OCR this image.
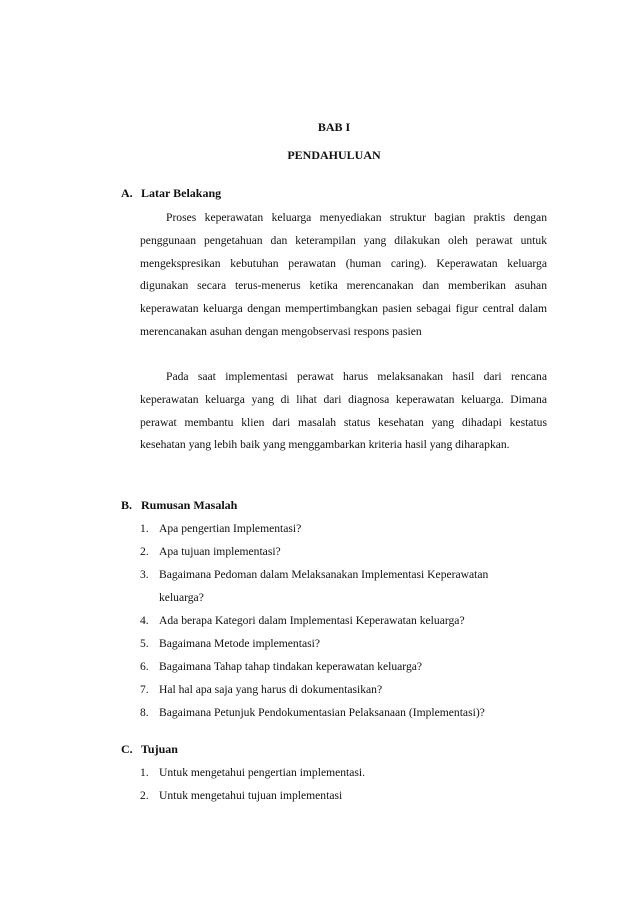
BAB I
PENDAHULUAN
A. Latar Belakang
Proses keperawatan keluarga menyediakan struktur bagian praktis dengan penggunaan pengetahuan dan keterampilan yang dilakukan oleh perawat untuk mengekspresikan kebutuhan perawatan (human caring). Keperawatan keluarga digunakan secara terus-menerus ketika merencanakan dan memberikan asuhan keperawatan keluarga dengan mempertimbangkan pasien sebagai figur central dalam merencanakan asuhan dengan mengobservasi respons pasien
Pada saat implementasi perawat harus melaksanakan hasil dari rencana keperawatan keluarga yang di lihat dari diagnosa keperawatan keluarga. Dimana perawat membantu klien dari masalah status kesehatan yang dihadapi kestatus kesehatan yang lebih baik yang menggambarkan kriteria hasil yang diharapkan.
B. Rumusan Masalah
1. Apa pengertian Implementasi?
2. Apa tujuan implementasi?
3. Bagaimana Pedoman dalam Melaksanakan Implementasi Keperawatan keluarga?
4. Ada berapa Kategori dalam Implementasi Keperawatan keluarga?
5. Bagaimana Metode implementasi?
6. Bagaimana Tahap tahap tindakan keperawatan keluarga?
7. Hal hal apa saja yang harus di dokumentasikan?
8. Bagaimana Petunjuk Pendokumentasian Pelaksanaan (Implementasi)?
C. Tujuan
1. Untuk mengetahui pengertian implementasi.
2. Untuk mengetahui tujuan implementasi
